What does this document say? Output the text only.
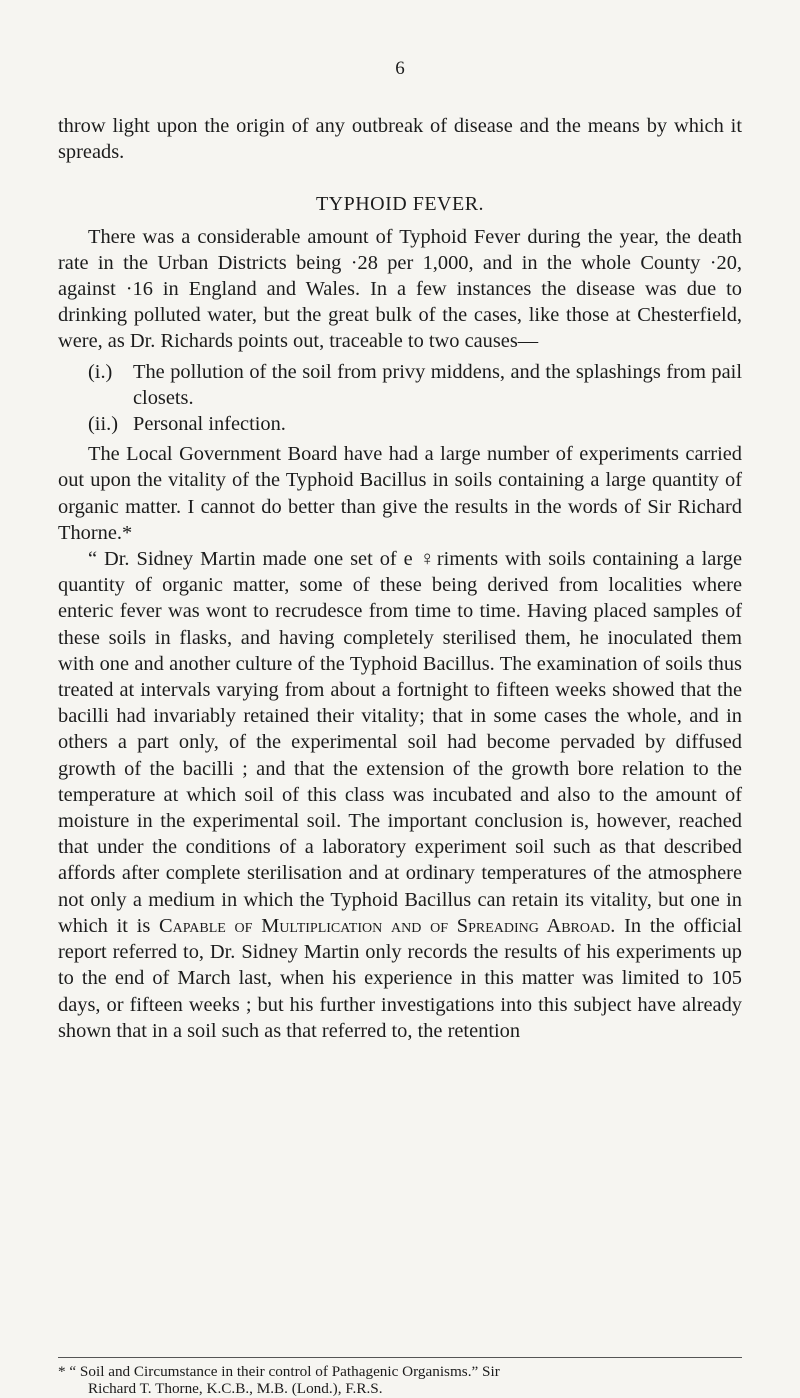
6

throw light upon the origin of any outbreak of disease and the means by which it spreads.

TYPHOID FEVER.

There was a considerable amount of Typhoid Fever during the year, the death rate in the Urban Districts being ·28 per 1,000, and in the whole County ·20, against ·16 in England and Wales. In a few instances the disease was due to drinking polluted water, but the great bulk of the cases, like those at Chesterfield, were, as Dr. Richards points out, traceable to two causes—

(i.) The pollution of the soil from privy middens, and the splashings from pail closets.

(ii.) Personal infection.

The Local Government Board have had a large number of experiments carried out upon the vitality of the Typhoid Bacillus in soils containing a large quantity of organic matter. I cannot do better than give the results in the words of Sir Richard Thorne.*

“ Dr. Sidney Martin made one set of e ♀riments with soils containing a large quantity of organic matter, some of these being derived from localities where enteric fever was wont to recrudesce from time to time. Having placed samples of these soils in flasks, and having completely sterilised them, he inoculated them with one and another culture of the Typhoid Bacillus. The examination of soils thus treated at intervals varying from about a fortnight to fifteen weeks showed that the bacilli had invariably retained their vitality; that in some cases the whole, and in others a part only, of the experimental soil had become pervaded by diffused growth of the bacilli ; and that the extension of the growth bore relation to the temperature at which soil of this class was incubated and also to the amount of moisture in the experimental soil. The important conclusion is, however, reached that under the conditions of a laboratory experiment soil such as that described affords after complete sterilisation and at ordinary temperatures of the atmosphere not only a medium in which the Typhoid Bacillus can retain its vitality, but one in which it is Capable of Multiplication and of Spreading Abroad. In the official report referred to, Dr. Sidney Martin only records the results of his experiments up to the end of March last, when his experience in this matter was limited to 105 days, or fifteen weeks ; but his further investigations into this subject have already shown that in a soil such as that referred to, the retention

* “ Soil and Circumstance in their control of Pathagenic Organisms.” Sir
Richard T. Thorne, K.C.B., M.B. (Lond.), F.R.S.
